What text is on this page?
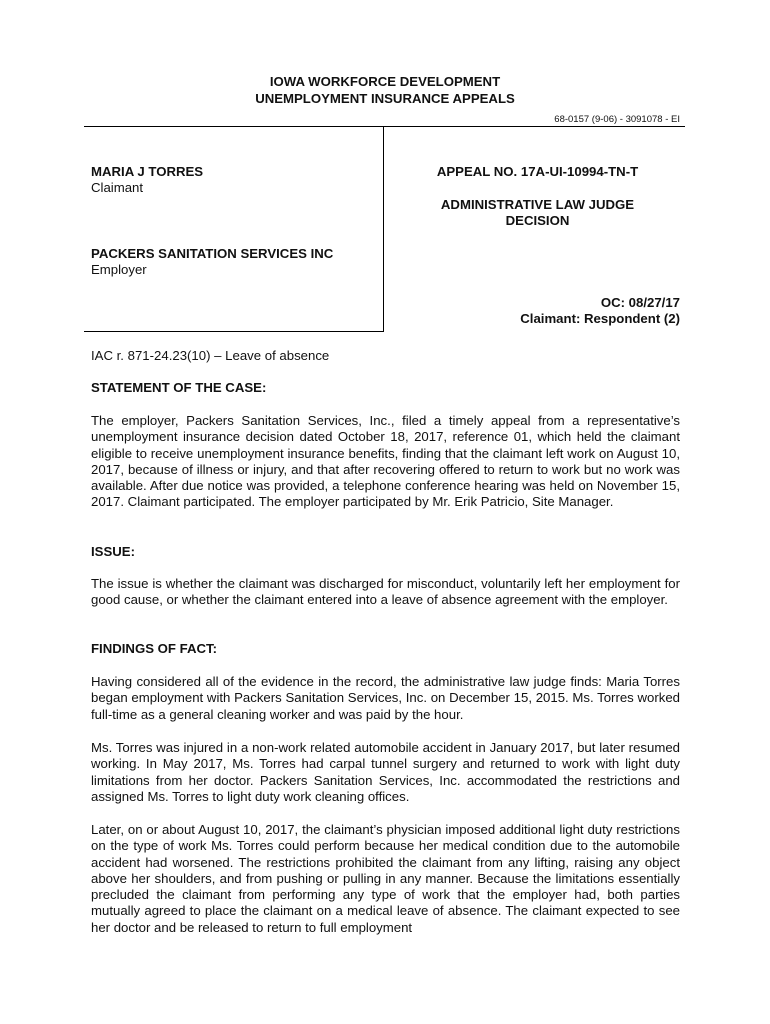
IOWA WORKFORCE DEVELOPMENT
UNEMPLOYMENT INSURANCE APPEALS
68-0157 (9-06) - 3091078 - EI
MARIA J TORRES
Claimant
PACKERS SANITATION SERVICES INC
Employer
APPEAL NO. 17A-UI-10994-TN-T
ADMINISTRATIVE LAW JUDGE
DECISION
OC: 08/27/17
Claimant: Respondent (2)
IAC r. 871-24.23(10) – Leave of absence
STATEMENT OF THE CASE:
The employer, Packers Sanitation Services, Inc., filed a timely appeal from a representative’s unemployment insurance decision dated October 18, 2017, reference 01, which held the claimant eligible to receive unemployment insurance benefits, finding that the claimant left work on August 10, 2017, because of illness or injury, and that after recovering offered to return to work but no work was available. After due notice was provided, a telephone conference hearing was held on November 15, 2017. Claimant participated. The employer participated by Mr. Erik Patricio, Site Manager.
ISSUE:
The issue is whether the claimant was discharged for misconduct, voluntarily left her employment for good cause, or whether the claimant entered into a leave of absence agreement with the employer.
FINDINGS OF FACT:
Having considered all of the evidence in the record, the administrative law judge finds: Maria Torres began employment with Packers Sanitation Services, Inc. on December 15, 2015. Ms. Torres worked full-time as a general cleaning worker and was paid by the hour.
Ms. Torres was injured in a non-work related automobile accident in January 2017, but later resumed working. In May 2017, Ms. Torres had carpal tunnel surgery and returned to work with light duty limitations from her doctor. Packers Sanitation Services, Inc. accommodated the restrictions and assigned Ms. Torres to light duty work cleaning offices.
Later, on or about August 10, 2017, the claimant’s physician imposed additional light duty restrictions on the type of work Ms. Torres could perform because her medical condition due to the automobile accident had worsened. The restrictions prohibited the claimant from any lifting, raising any object above her shoulders, and from pushing or pulling in any manner. Because the limitations essentially precluded the claimant from performing any type of work that the employer had, both parties mutually agreed to place the claimant on a medical leave of absence. The claimant expected to see her doctor and be released to return to full employment
